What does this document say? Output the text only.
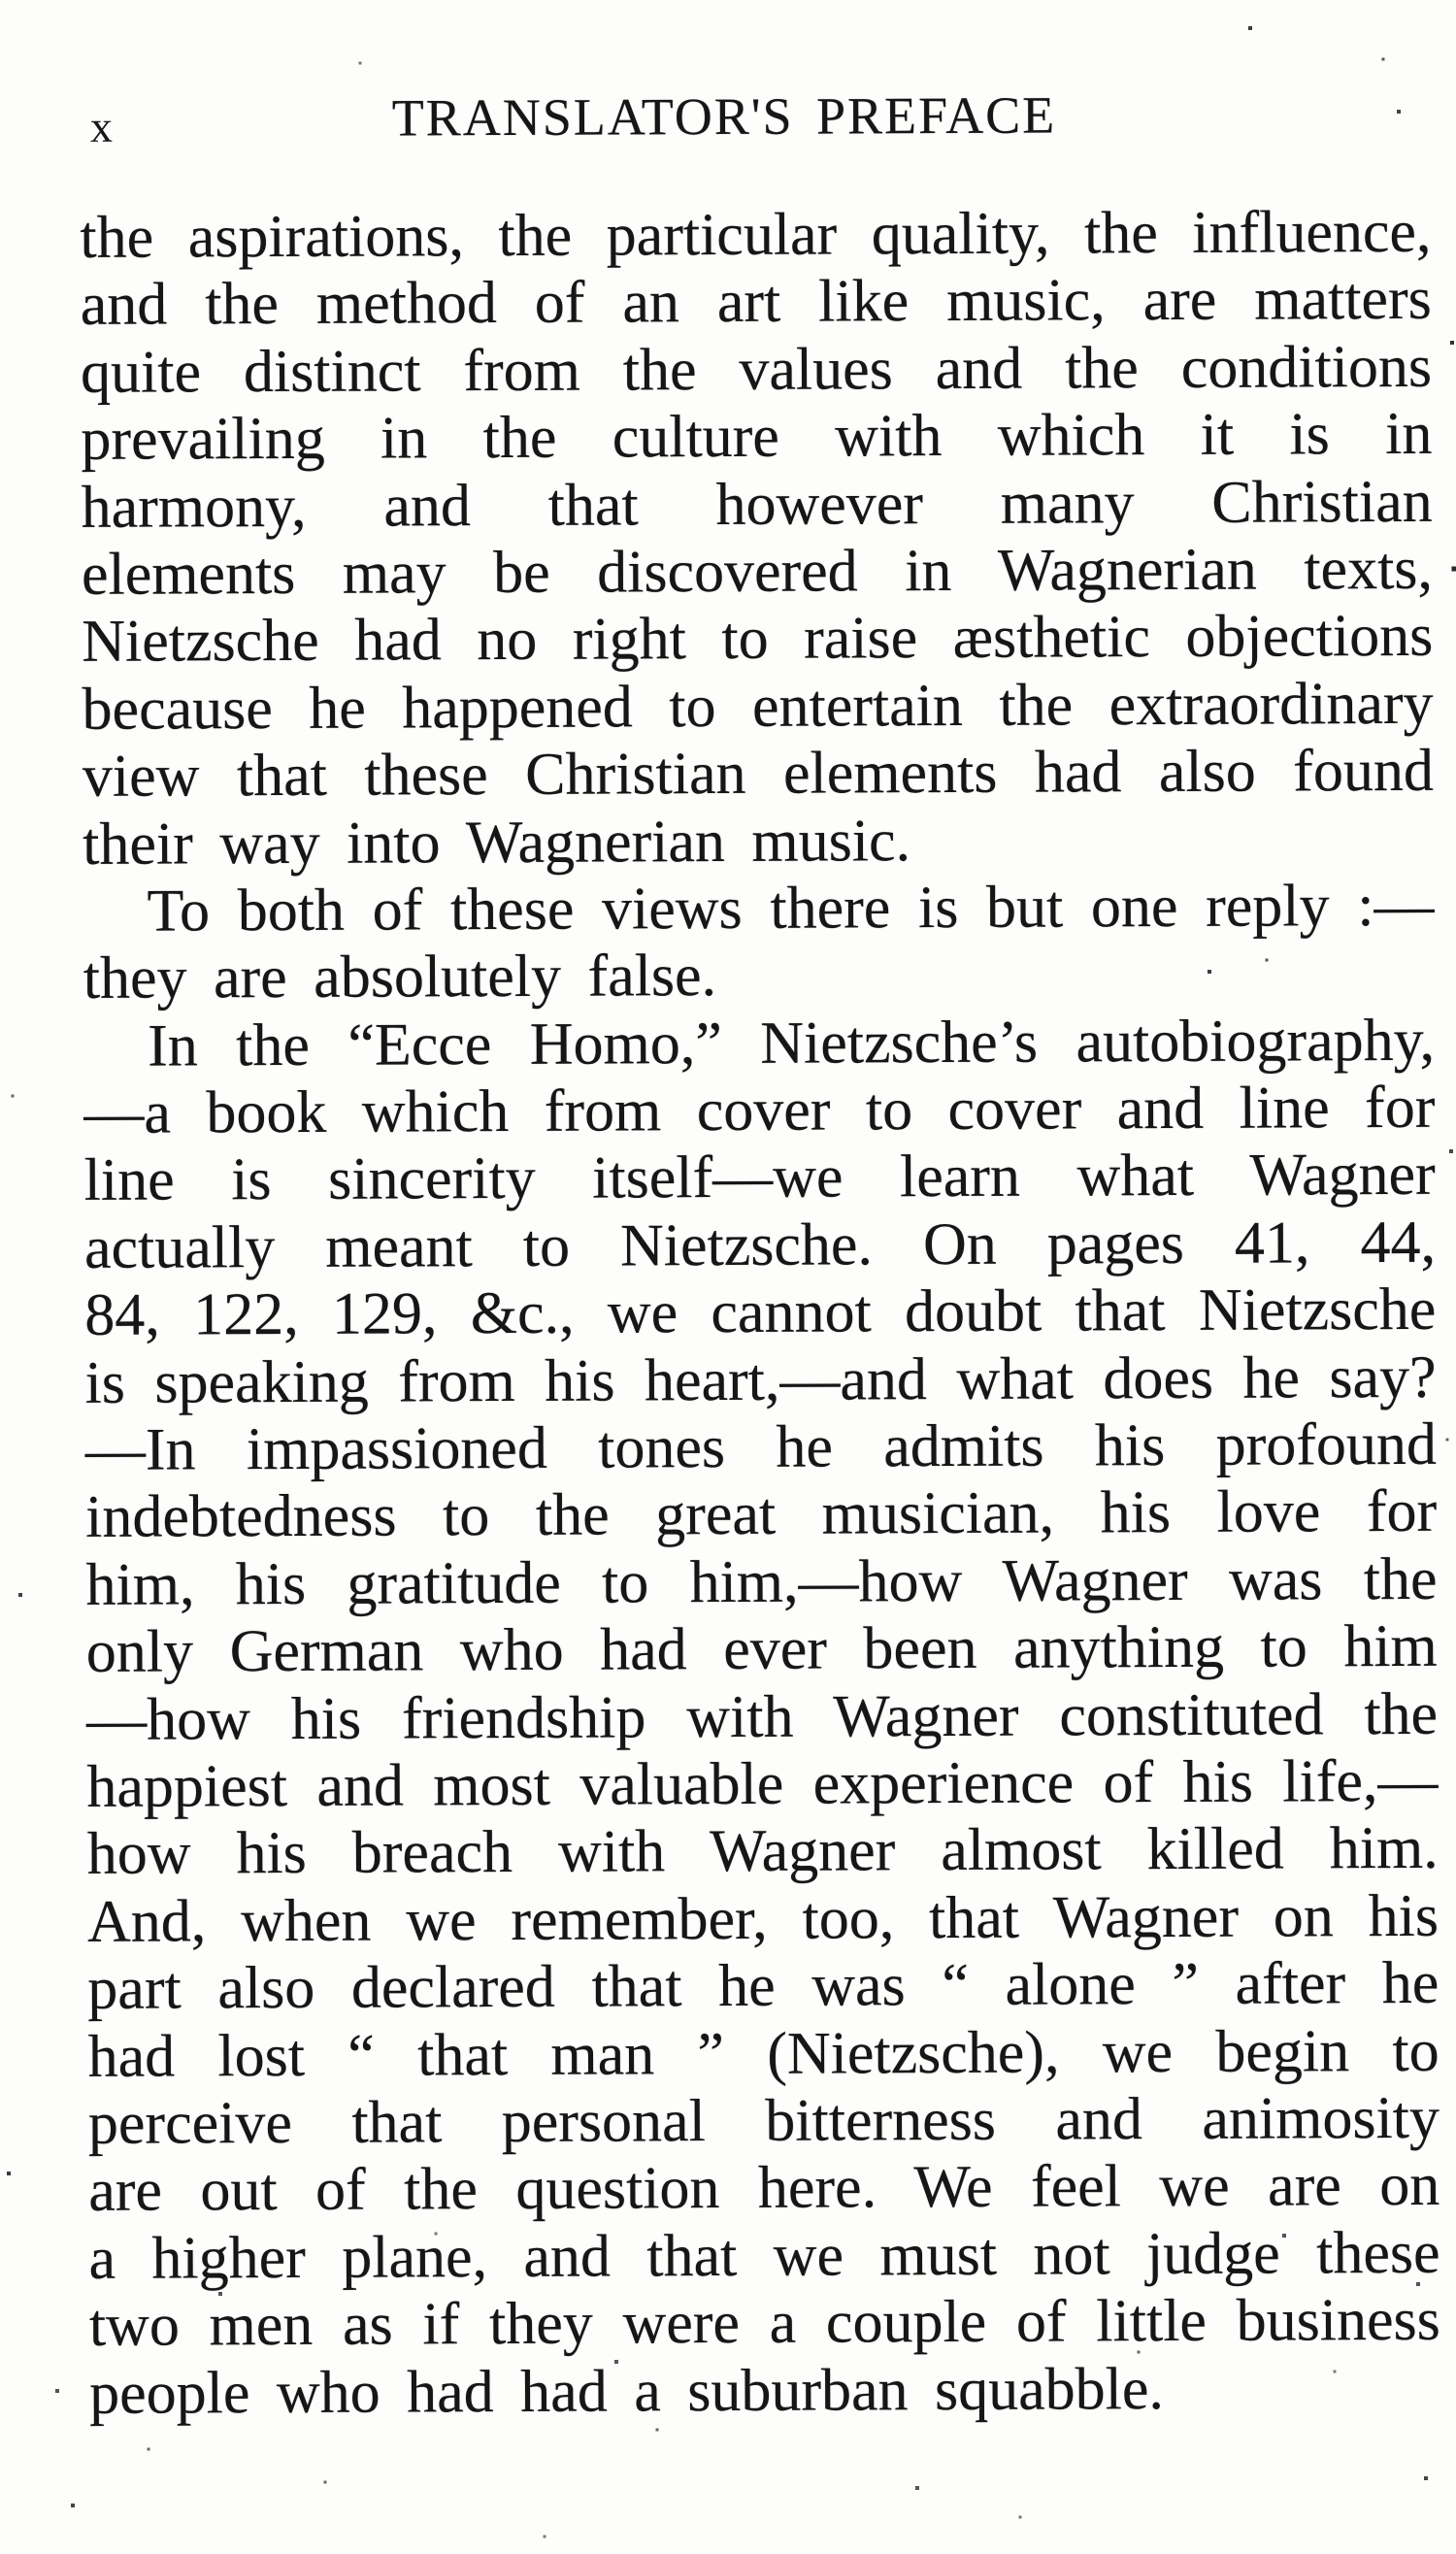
x	TRANSLATOR'S PREFACE
the aspirations, the particular quality, the influence,
and the method of an art like music, are matters
quite distinct from the values and the conditions
prevailing in the culture with which it is in
harmony, and that however many Christian
elements may be discovered in Wagnerian texts,
Nietzsche had no right to raise æsthetic objections
because he happened to entertain the extraordinary
view that these Christian elements had also found
their way into Wagnerian music.
To both of these views there is but one reply :—
they are absolutely false.
In the “Ecce Homo,” Nietzsche’s autobiography,
—a book which from cover to cover and line for
line is sincerity itself—we learn what Wagner
actually meant to Nietzsche. On pages 41, 44,
84, 122, 129, &c., we cannot doubt that Nietzsche
is speaking from his heart,—and what does he say?
—In impassioned tones he admits his profound
indebtedness to the great musician, his love for
him, his gratitude to him,—how Wagner was the
only German who had ever been anything to him
—how his friendship with Wagner constituted the
happiest and most valuable experience of his life,—
how his breach with Wagner almost killed him.
And, when we remember, too, that Wagner on his
part also declared that he was “ alone ” after he
had lost “ that man ” (Nietzsche), we begin to
perceive that personal bitterness and animosity
are out of the question here. We feel we are on
a higher plane, and that we must not judge these
two men as if they were a couple of little business
people who had had a suburban squabble.
